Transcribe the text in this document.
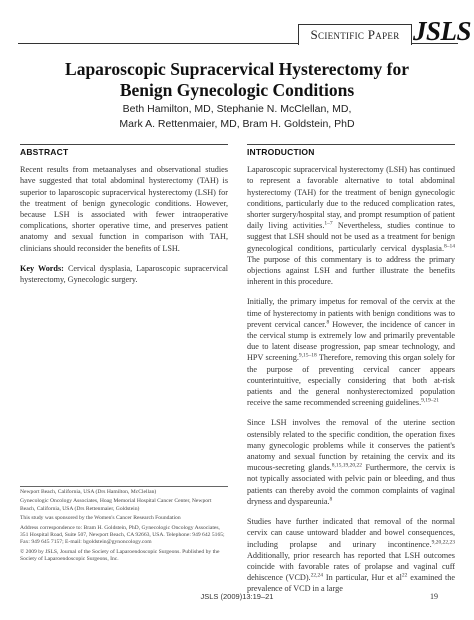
Scientific Paper JSLS
Laparoscopic Supracervical Hysterectomy for
Benign Gynecologic Conditions
Beth Hamilton, MD, Stephanie N. McClellan, MD,
Mark A. Rettenmaier, MD, Bram H. Goldstein, PhD
ABSTRACT

Recent results from metaanalyses and observational studies have suggested that total abdominal hysterectomy (TAH) is superior to laparoscopic supracervical hysterectomy (LSH) for the treatment of benign gynecologic conditions. However, because LSH is associated with fewer intraoperative complications, shorter operative time, and preserves patient anatomy and sexual function in comparison with TAH, clinicians should reconsider the benefits of LSH.

Key Words: Cervical dysplasia, Laparoscopic supracervical hysterectomy, Gynecologic surgery.

INTRODUCTION

Laparoscopic supracervical hysterectomy (LSH) has continued to represent a favorable alternative to total abdominal hysterectomy (TAH) for the treatment of benign gynecologic conditions, particularly due to the reduced complication rates, shorter surgery/hospital stay, and prompt resumption of patient daily living activities.$^{1-7}$ Nevertheless, studies continue to suggest that LSH should not be used as a treatment for benign gynecological conditions, particularly cervical dysplasia.$^{8-14}$ The purpose of this commentary is to address the primary objections against LSH and further illustrate the benefits inherent in this procedure.

Initially, the primary impetus for removal of the cervix at the time of hysterectomy in patients with benign conditions was to prevent cervical cancer.$^8$ However, the incidence of cancer in the cervical stump is extremely low and primarily preventable due to latent disease progression, pap smear technology, and HPV screening.$^{9,15-18}$ Therefore, removing this organ solely for the purpose of preventing cervical cancer appears counterintuitive, especially considering that both at-risk patients and the general nonhysterectomized population receive the same recommended screening guidelines.$^{9,19-21}$

Since LSH involves the removal of the uterine section ostensibly related to the specific condition, the operation fixes many gynecologic problems while it conserves the patient's anatomy and sexual function by retaining the cervix and its mucous-secreting glands.$^{8,15,19,20,22}$ Furthermore, the cervix is not typically associated with pelvic pain or bleeding, and thus patients can thereby avoid the common complaints of vaginal dryness and dyspareunia.$^8$

Studies have further indicated that removal of the normal cervix can cause untoward bladder and bowel consequences, including prolapse and urinary incontinence.$^{9,20,22,23}$ Additionally, prior research has reported that LSH outcomes coincide with favorable rates of prolapse and vaginal cuff dehiscence (VCD).$^{22,24}$ In particular, Hur et $al^{22}$ examined the prevalence of VCD in a large

Newport Beach, California, USA (Drs Hamilton, McClellan)

Gynecologic Oncology Associates, Hoag Memorial Hospital Cancer Center, Newport Beach, California, USA (Drs Rettenmaier, Goldstein)

This study was sponsored by the Women's Cancer Research Foundation

Address correspondence to: Bram H. Goldstein, PhD, Gynecologic Oncology Associates, 351 Hospital Road, Suite 507, Newport Beach, CA 92663, USA. Telephone: 949 642 5165; Fax: 949 645 7157; E-mail: bgoldstein@gynoncology.com

© 2009 by JSLS, Journal of the Society of Laparoendoscopic Surgeons. Published by the Society of Laparoendoscopic Surgeons, Inc.

JSLS (2009)13:19–21	19
